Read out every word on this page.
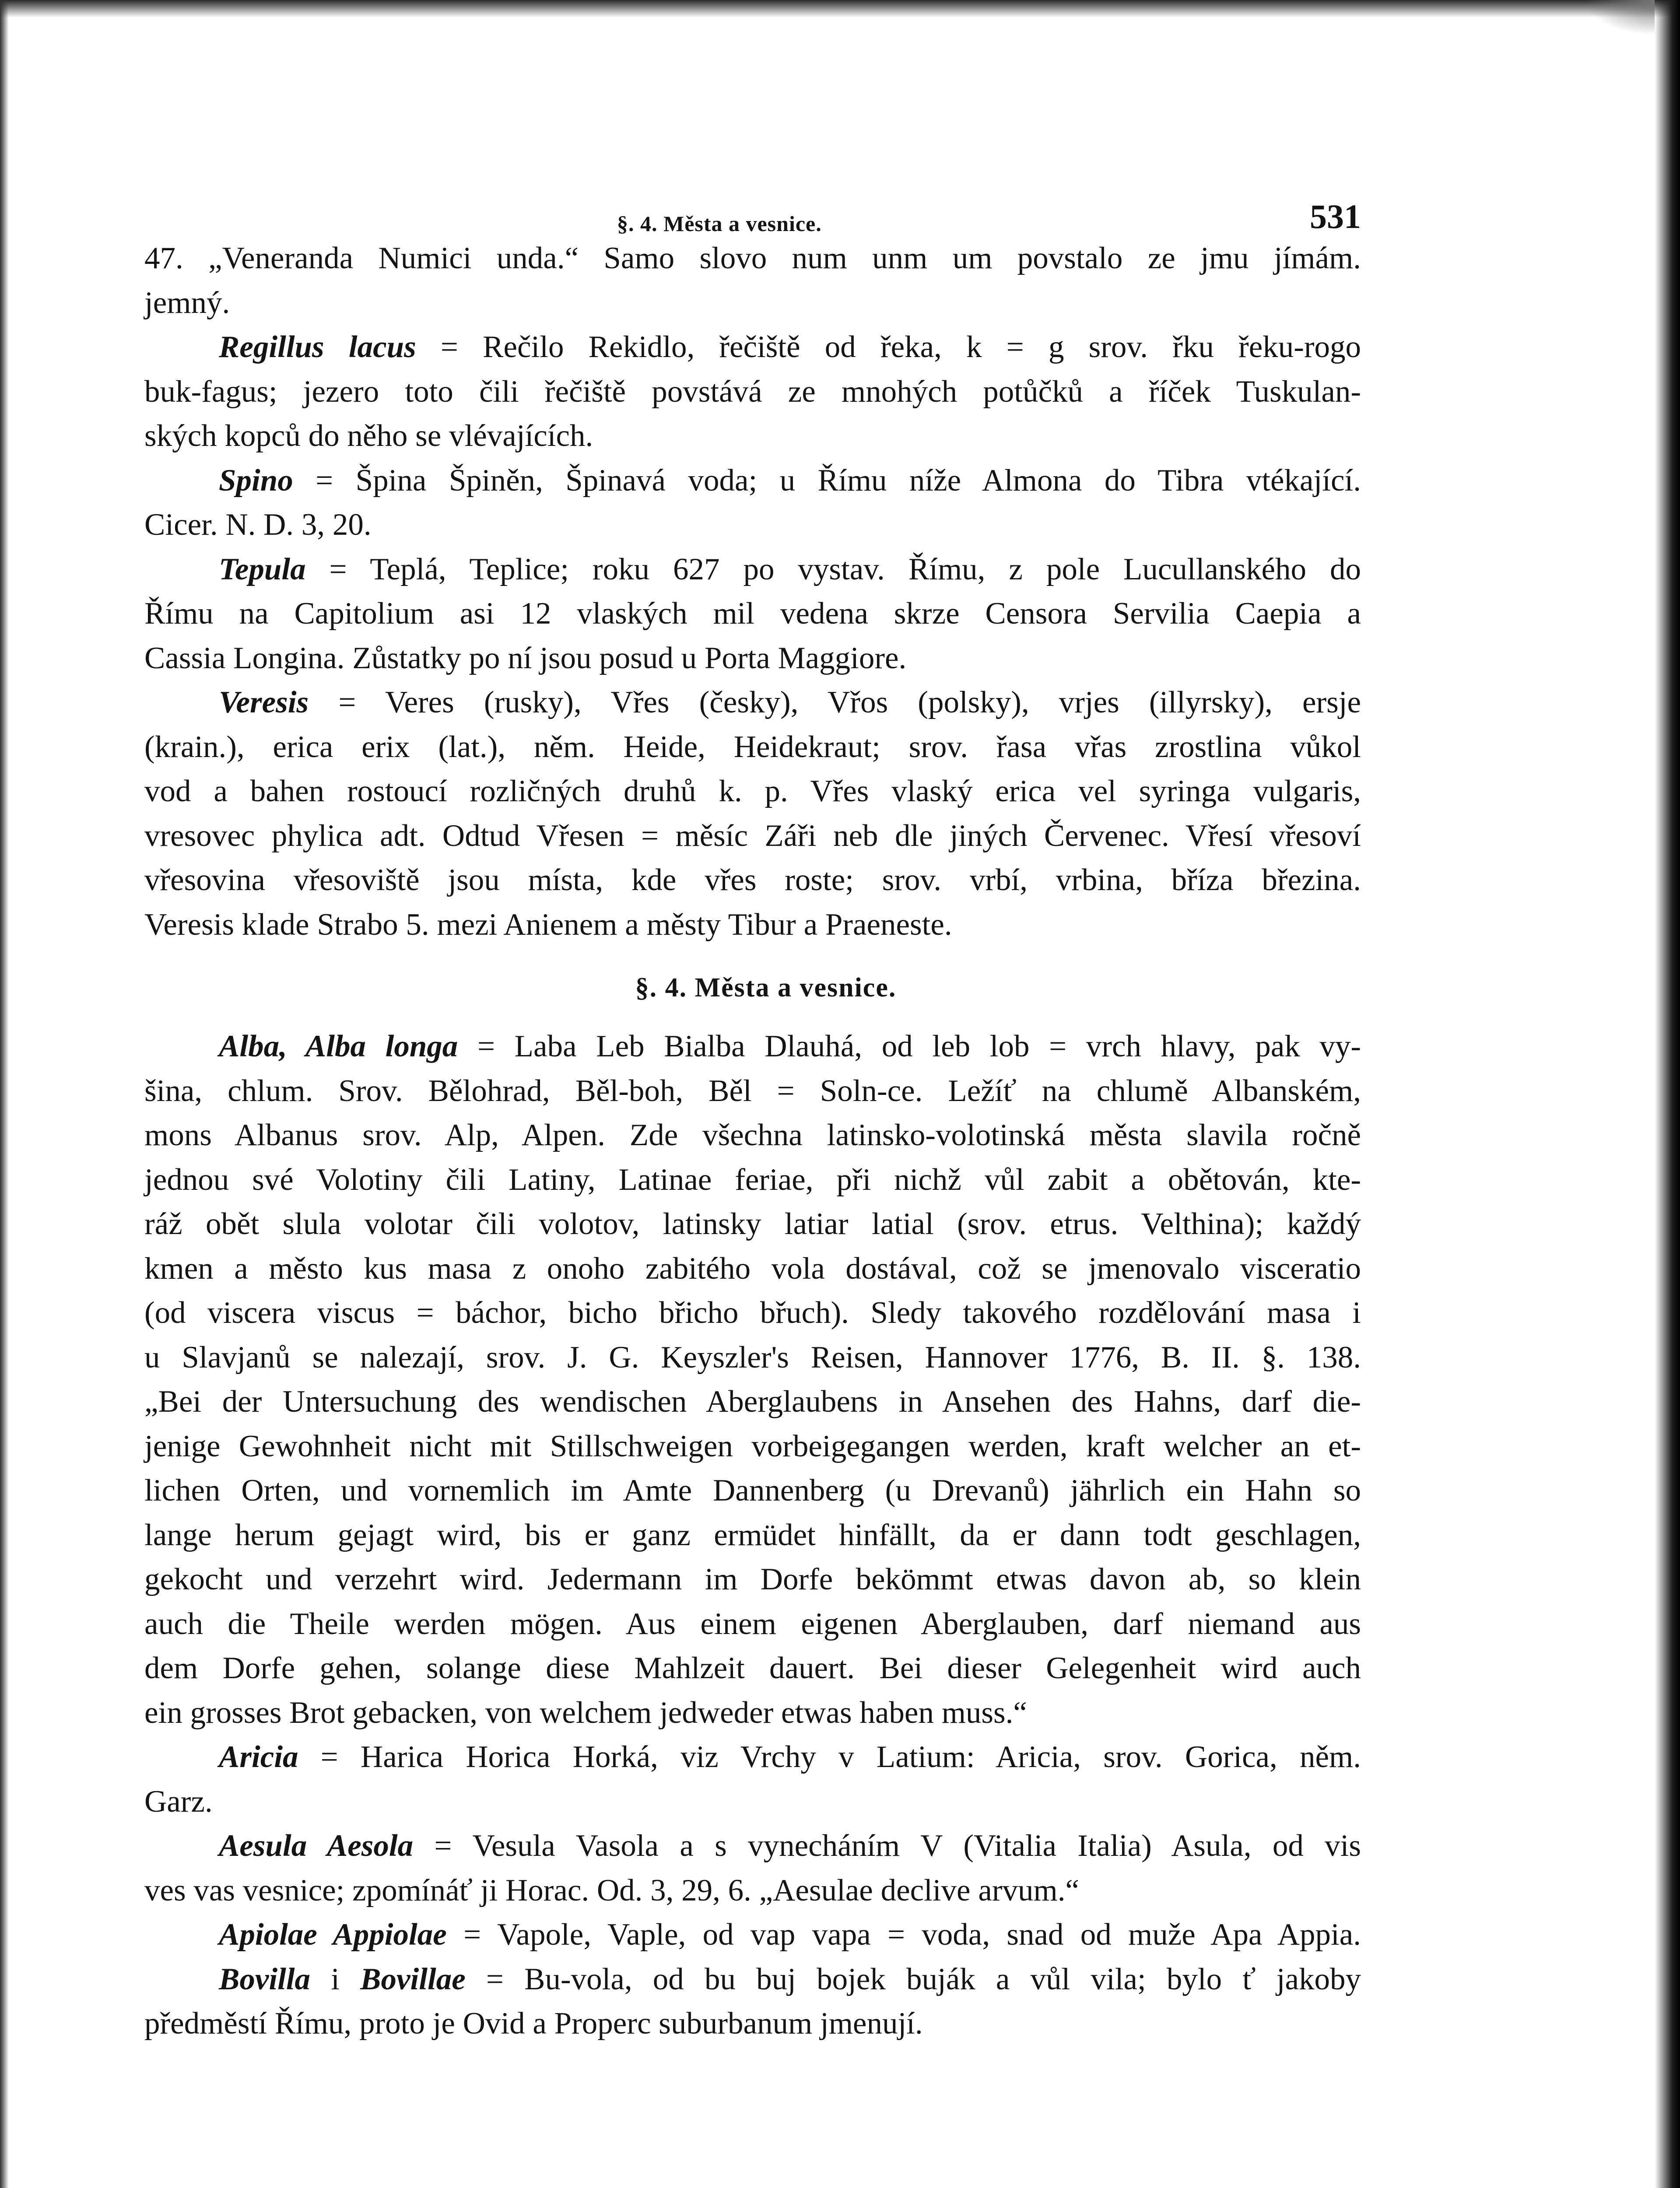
§. 4. Města a vesnice.	531

47. „Veneranda Numici unda.“ Samo slovo num unm um povstalo ze jmu jímám.
jemný.

Regillus lacus = Rečilo Rekidlo, řečiště od řeka, k = g srov. řku řeku-rogo
buk-fagus; jezero toto čili řečiště povstává ze mnohých potůčků a říček Tuskulan-
ských kopců do něho se vlévajících.

Spino = Špina Špiněn, Špinavá voda; u Římu níže Almona do Tibra vtékající.
Cicer. N. D. 3, 20.

Tepula = Teplá, Teplice; roku 627 po vystav. Římu, z pole Lucullanského do
Římu na Capitolium asi 12 vlaských mil vedena skrze Censora Servilia Caepia a
Cassia Longina. Zůstatky po ní jsou posud u Porta Maggiore.

Veresis = Veres (rusky), Vřes (česky), Vřos (polsky), vrjes (illyrsky), ersje
(krain.), erica erix (lat.), něm. Heide, Heidekraut; srov. řasa vřas zrostlina vůkol
vod a bahen rostoucí rozličných druhů k. p. Vřes vlaský erica vel syringa vulgaris,
vresovec phylica adt. Odtud Vřesen = měsíc Záři neb dle jiných Červenec. Vřesí vřesoví
vřesovina vřesoviště jsou místa, kde vřes roste; srov. vrbí, vrbina, bříza březina.
Veresis klade Strabo 5. mezi Anienem a městy Tibur a Praeneste.

§. 4. Města a vesnice.

Alba, Alba longa = Laba Leb Bialba Dlauhá, od leb lob = vrch hlavy, pak vy-
šina, chlum. Srov. Bělohrad, Běl-boh, Běl = Soln-ce. Ležíť na chlumě Albanském,
mons Albanus srov. Alp, Alpen. Zde všechna latinsko-volotinská města slavila ročně
jednou své Volotiny čili Latiny, Latinae feriae, při nichž vůl zabit a obětován, kte-
ráž obět slula volotar čili volotov, latinsky latiar latial (srov. etrus. Velthina); každý
kmen a město kus masa z onoho zabitého vola dostával, což se jmenovalo visceratio
(od viscera viscus = báchor, bicho břicho břuch). Sledy takového rozdělování masa i
u Slavjanů se nalezají, srov. J. G. Keyszler's Reisen, Hannover 1776, B. II. §. 138.
„Bei der Untersuchung des wendischen Aberglaubens in Ansehen des Hahns, darf die-
jenige Gewohnheit nicht mit Stillschweigen vorbeigegangen werden, kraft welcher an et-
lichen Orten, und vornemlich im Amte Dannenberg (u Drevanů) jährlich ein Hahn so
lange herum gejagt wird, bis er ganz ermüdet hinfällt, da er dann todt geschlagen,
gekocht und verzehrt wird. Jedermann im Dorfe bekömmt etwas davon ab, so klein
auch die Theile werden mögen. Aus einem eigenen Aberglauben, darf niemand aus
dem Dorfe gehen, solange diese Mahlzeit dauert. Bei dieser Gelegenheit wird auch
ein grosses Brot gebacken, von welchem jedweder etwas haben muss.“

Aricia = Harica Horica Horká, viz Vrchy v Latium: Aricia, srov. Gorica, něm.
Garz.

Aesula Aesola = Vesula Vasola a s vynecháním V (Vitalia Italia) Asula, od vis
ves vas vesnice; zpomínáť ji Horac. Od. 3, 29, 6. „Aesulae declive arvum.“

Apiolae Appiolae = Vapole, Vaple, od vap vapa = voda, snad od muže Apa Appia.

Bovilla i Bovillae = Bu-vola, od bu buj bojek buják a vůl vila; bylo ť jakoby
předměstí Římu, proto je Ovid a Properc suburbanum jmenují.
